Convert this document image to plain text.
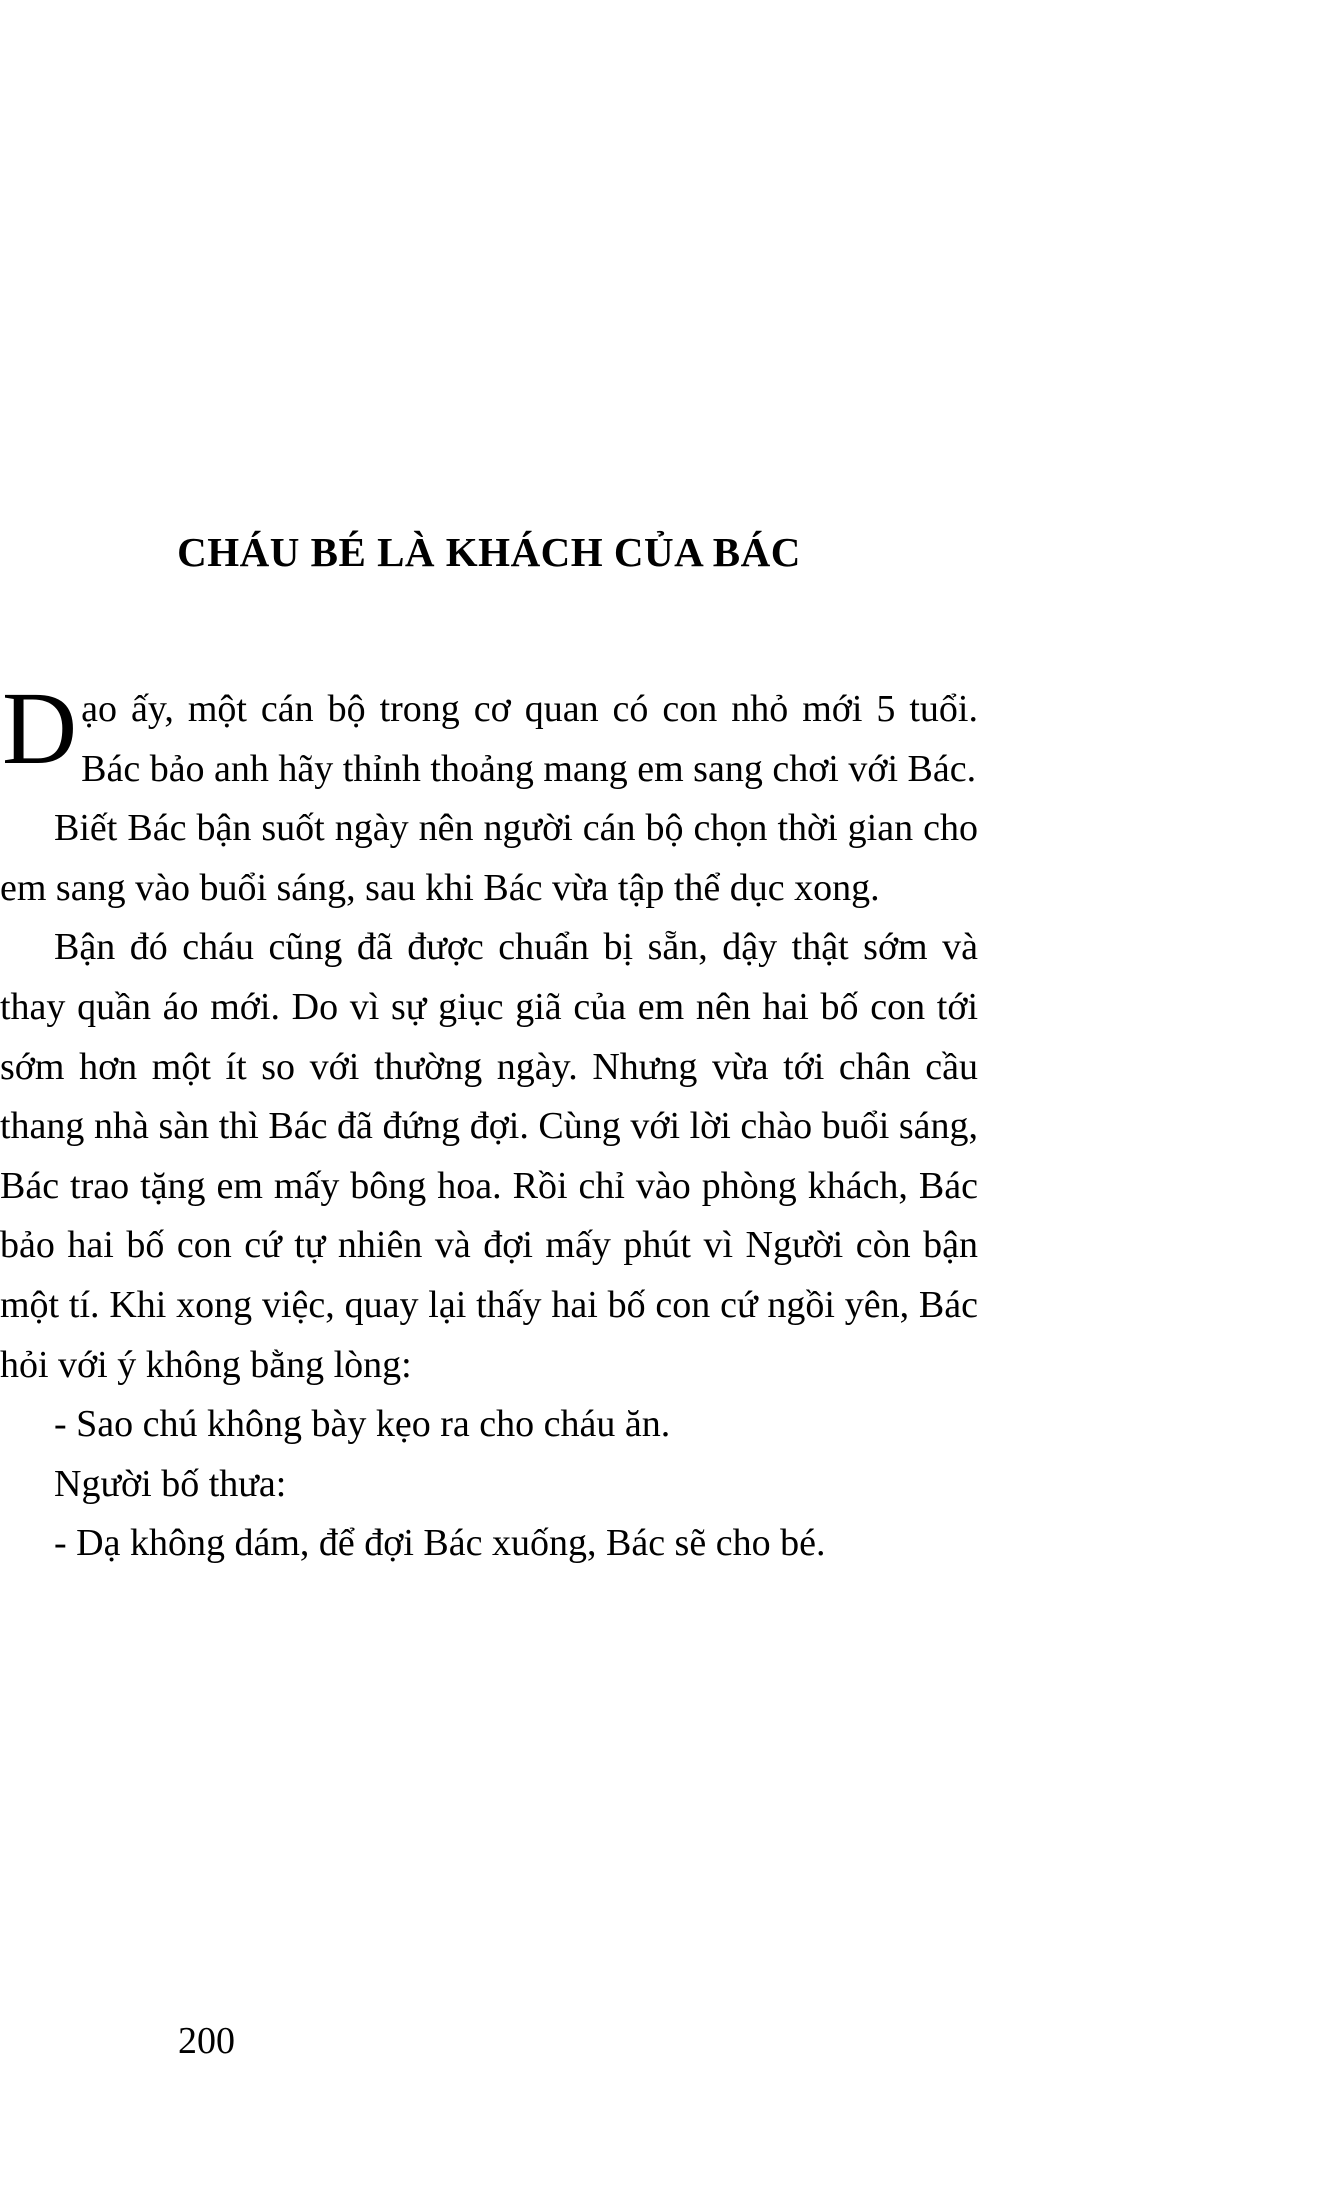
CHÁU BÉ LÀ KHÁCH CỦA BÁC

Dạo ấy, một cán bộ trong cơ quan có con nhỏ mới 5 tuổi. Bác bảo anh hãy thỉnh thoảng mang em sang chơi với Bác.

Biết Bác bận suốt ngày nên người cán bộ chọn thời gian cho em sang vào buổi sáng, sau khi Bác vừa tập thể dục xong.

Bận đó cháu cũng đã được chuẩn bị sẵn, dậy thật sớm và thay quần áo mới. Do vì sự giục giã của em nên hai bố con tới sớm hơn một ít so với thường ngày. Nhưng vừa tới chân cầu thang nhà sàn thì Bác đã đứng đợi. Cùng với lời chào buổi sáng, Bác trao tặng em mấy bông hoa. Rồi chỉ vào phòng khách, Bác bảo hai bố con cứ tự nhiên và đợi mấy phút vì Người còn bận một tí. Khi xong việc, quay lại thấy hai bố con cứ ngồi yên, Bác hỏi với ý không bằng lòng:

- Sao chú không bày kẹo ra cho cháu ăn.

Người bố thưa:

- Dạ không dám, để đợi Bác xuống, Bác sẽ cho bé.

200
